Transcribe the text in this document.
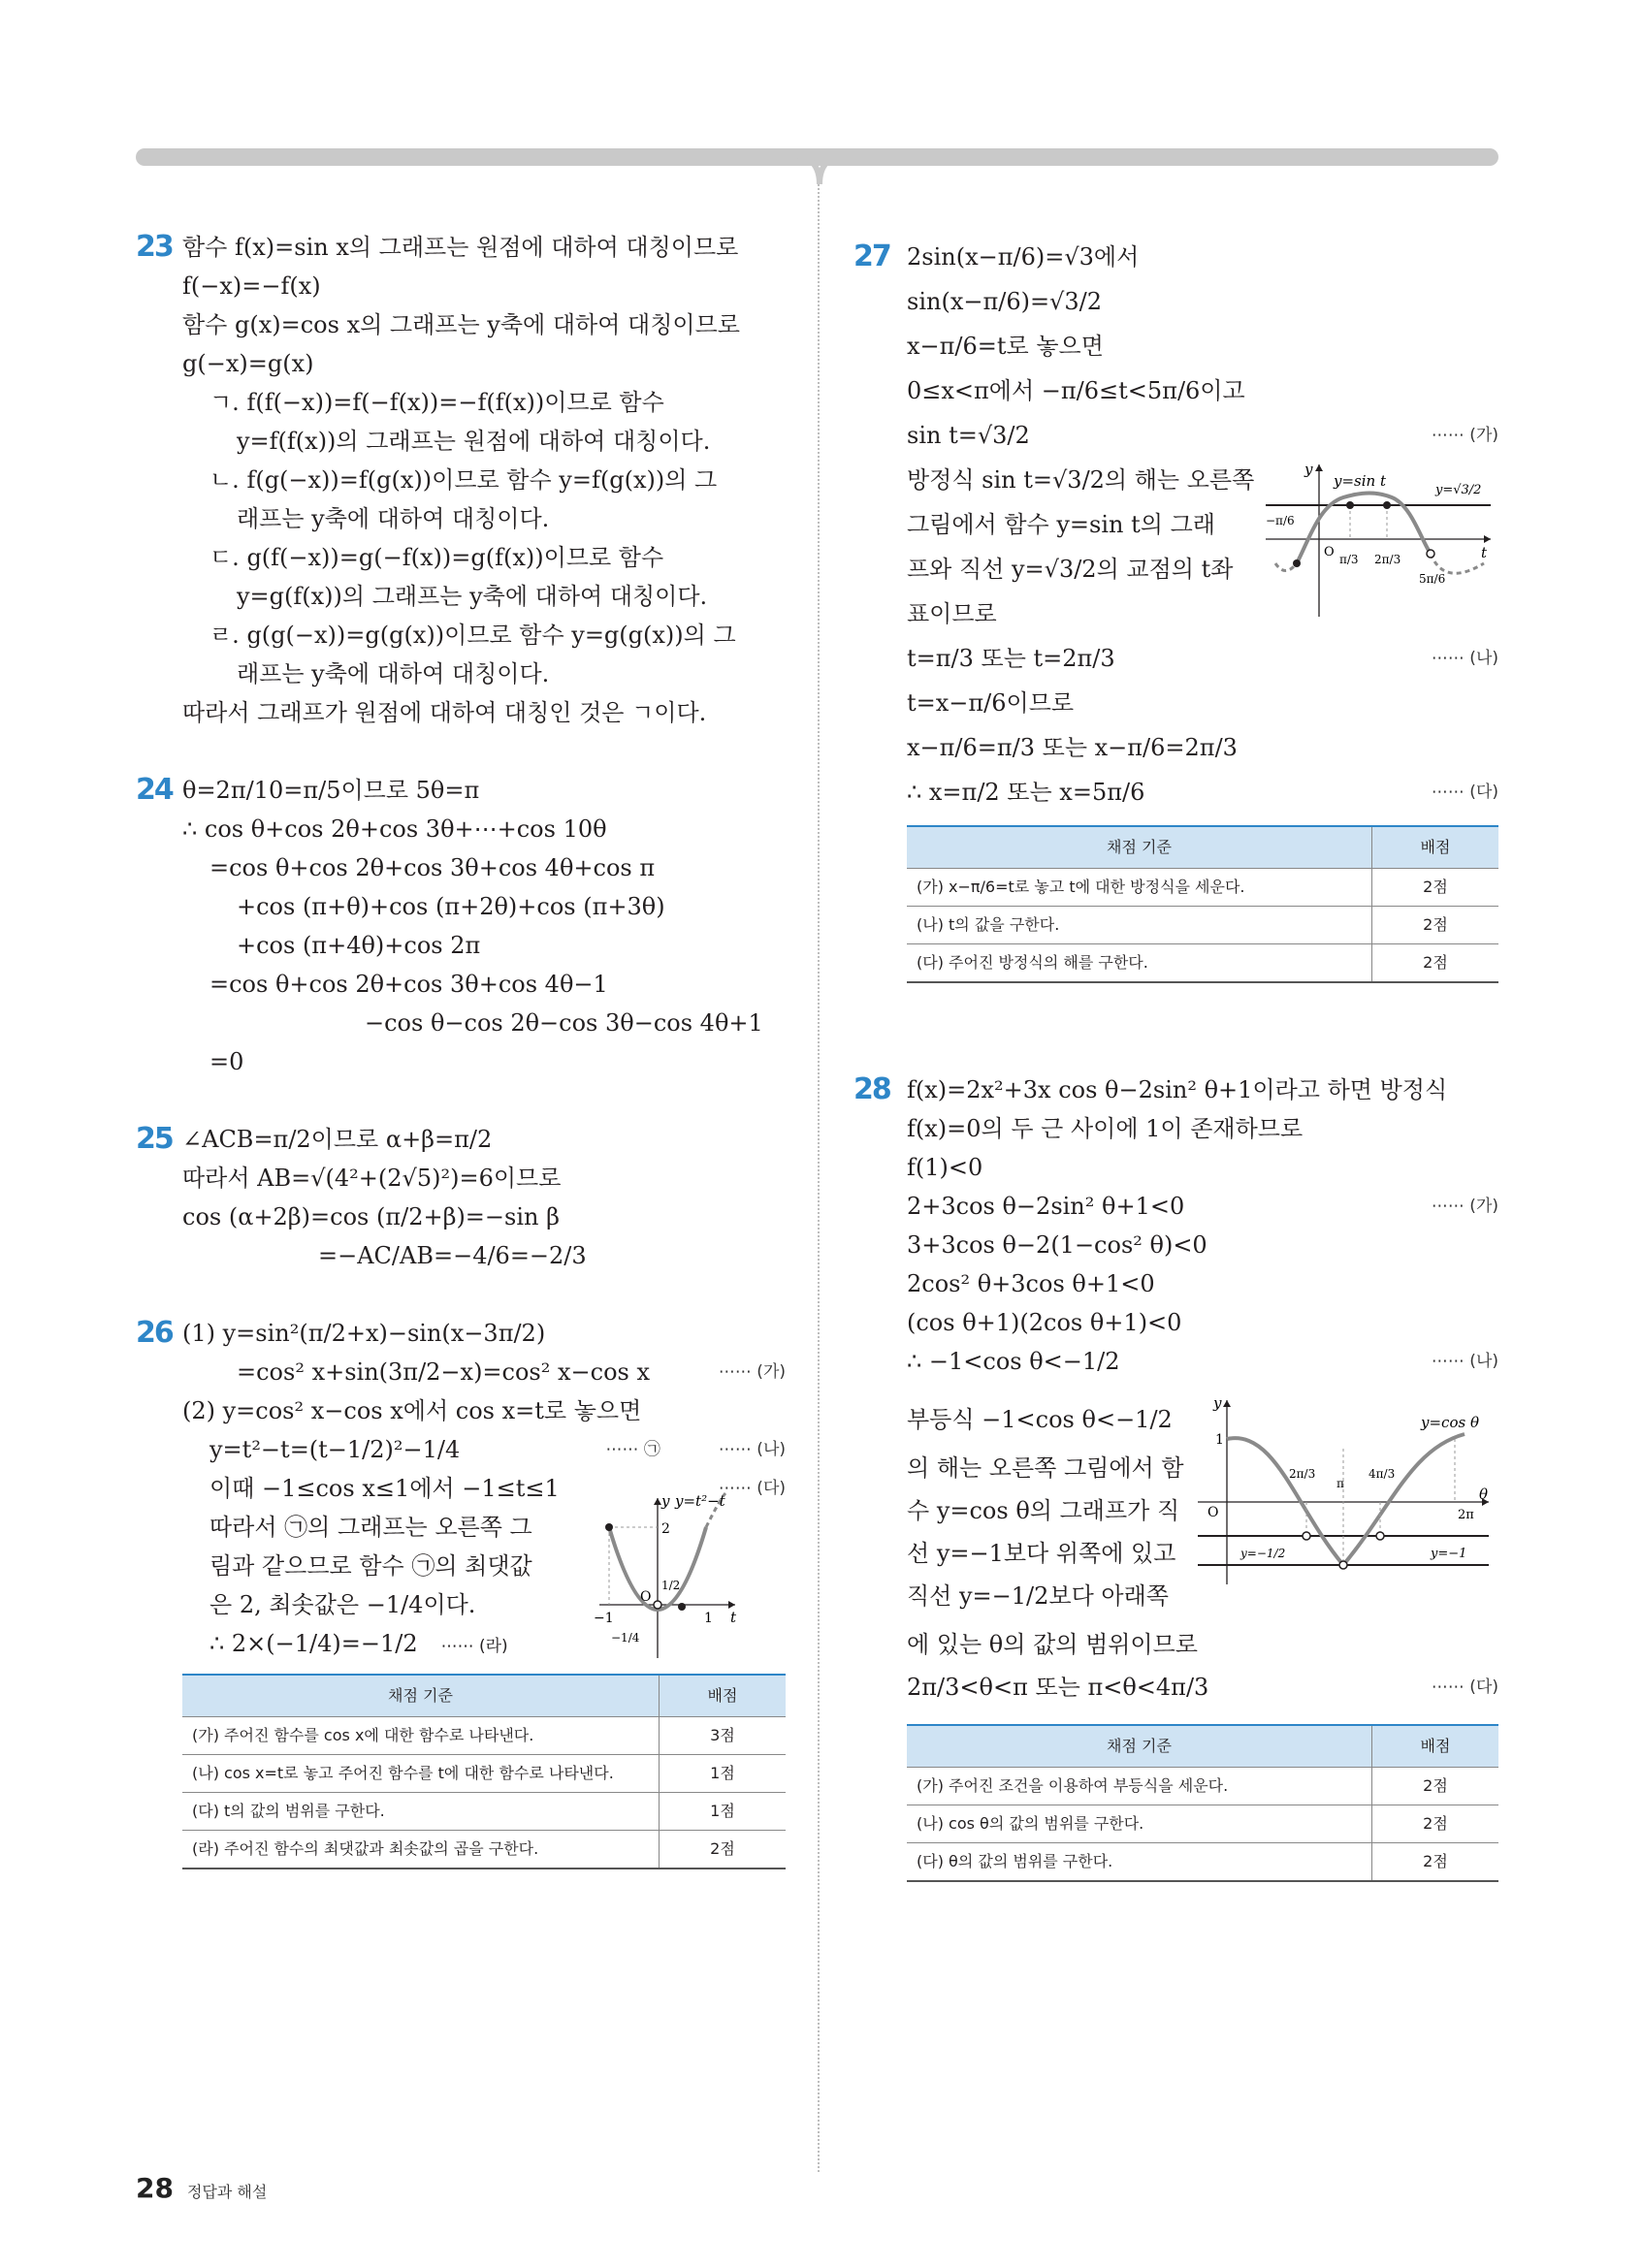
23 함수 f(x)=sin x의 그래프는 원점에 대하여 대칭이므로
f(−x)=−f(x)
함수 g(x)=cos x의 그래프는 y축에 대하여 대칭이므로
g(−x)=g(x)
ㄱ. f(f(−x))=f(−f(x))=−f(f(x))이므로 함수
y=f(f(x))의 그래프는 원점에 대하여 대칭이다.
ㄴ. f(g(−x))=f(g(x))이므로 함수 y=f(g(x))의 그
래프는 y축에 대하여 대칭이다.
ㄷ. g(f(−x))=g(−f(x))=g(f(x))이므로 함수
y=g(f(x))의 그래프는 y축에 대하여 대칭이다.
ㄹ. g(g(−x))=g(g(x))이므로 함수 y=g(g(x))의 그
래프는 y축에 대하여 대칭이다.
따라서 그래프가 원점에 대하여 대칭인 것은 ㄱ이다.
24 θ=2π/10=π/5이므로 5θ=π
∴ cos θ+cos 2θ+cos 3θ+⋯+cos 10θ
=cos θ+cos 2θ+cos 3θ+cos 4θ+cos π
+cos (π+θ)+cos (π+2θ)+cos (π+3θ)
+cos (π+4θ)+cos 2π
=cos θ+cos 2θ+cos 3θ+cos 4θ−1
−cos θ−cos 2θ−cos 3θ−cos 4θ+1
=0
25 ∠ACB=π/2이므로 α+β=π/2
따라서 AB=√(4²+(2√5)²)=6이므로
cos (α+2β)=cos (π/2+β)=−sin β
=−AC/AB=−4/6=−2/3
26 (1) y=sin²(π/2+x)−sin(x−3π/2)
=cos² x+sin(3π/2−x)=cos² x−cos x	⋯⋯ (가)
(2) y=cos² x−cos x에서 cos x=t로 놓으면
y=t²−t=(t−1/2)²−1/4	⋯⋯ (나)
⋯⋯ ㉠
이때 −1≤cos x≤1에서 −1≤t≤1	⋯⋯ (다)
따라서 ㉠의 그래프는 오른쪽 그
림과 같으므로 함수 ㉠의 최댓값
은 2, 최솟값은 −1/4이다.
∴ 2×(−1/4)=−1/2 ⋯⋯ (라)
y
t
y=t²−t
2
O
−1	1
1/2
−1/4
채점 기준	배점
(가) 주어진 함수를 cos x에 대한 함수로 나타낸다.	3점
(나) cos x=t로 놓고 주어진 함수를 t에 대한 함수로 나타낸다.	1점
(다) t의 값의 범위를 구한다.	1점
(라) 주어진 함수의 최댓값과 최솟값의 곱을 구한다.	2점
27 2sin(x−π/6)=√3에서
sin(x−π/6)=√3/2
x−π/6=t로 놓으면
0≤x<π에서 −π/6≤t<5π/6이고
sin t=√3/2	⋯⋯ (가)
방정식 sin t=√3/2의 해는 오른쪽
그림에서 함수 y=sin t의 그래
프와 직선 y=√3/2의 교점의 t좌
표이므로
y
t
y=sin t
y=√3/2
O
−π/6
π/3 2π/3
5π/6
t=π/3 또는 t=2π/3	⋯⋯ (나)
t=x−π/6이므로
x−π/6=π/3 또는 x−π/6=2π/3
∴ x=π/2 또는 x=5π/6	⋯⋯ (다)
채점 기준	배점
(가) x−π/6=t로 놓고 t에 대한 방정식을 세운다.	2점
(나) t의 값을 구한다.	2점
(다) 주어진 방정식의 해를 구한다.	2점
28 f(x)=2x²+3x cos θ−2sin² θ+1이라고 하면 방정식
f(x)=0의 두 근 사이에 1이 존재하므로
f(1)<0
2+3cos θ−2sin² θ+1<0	⋯⋯ (가)
3+3cos θ−2(1−cos² θ)<0
2cos² θ+3cos θ+1<0
(cos θ+1)(2cos θ+1)<0
∴ −1<cos θ<−1/2	⋯⋯ (나)
부등식 −1<cos θ<−1/2
의 해는 오른쪽 그림에서 함
수 y=cos θ의 그래프가 직
선 y=−1보다 위쪽에 있고
직선 y=−1/2보다 아래쪽
에 있는 θ의 값의 범위이므로
y
θ
y=cos θ
O
1
2π/3
π
4π/3
2π
y=−1/2	y=−1
2π/3<θ<π 또는 π<θ<4π/3	⋯⋯ (다)
채점 기준	배점
(가) 주어진 조건을 이용하여 부등식을 세운다.	2점
(나) cos θ의 값의 범위를 구한다.	2점
(다) θ의 값의 범위를 구한다.	2점
28 정답과 해설
